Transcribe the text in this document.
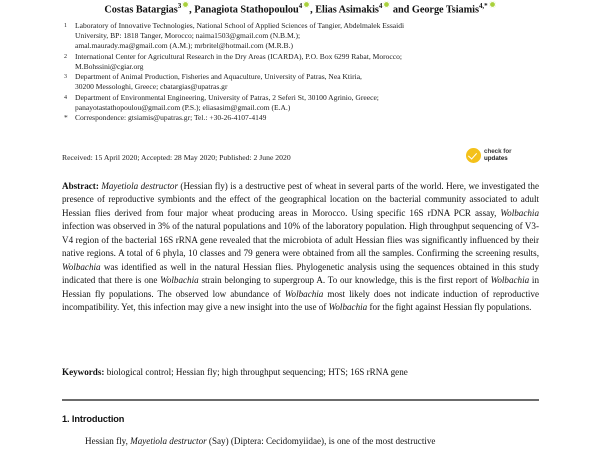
Costas Batargias$^3$ , Panagiota Stathopoulou$^4$ , Elias Asimakis$^4$ and George Tsiamis$^{4,*}$
1	Laboratory of Innovative Technologies, National School of Applied Sciences of Tangier, Abdelmalek Essaidi
University, BP: 1818 Tanger, Morocco; naima1503@gmail.com (N.B.M.);
amal.maurady.ma@gmail.com (A.M.); mrbritel@hotmail.com (M.R.B.)
2	International Center for Agricultural Research in the Dry Areas (ICARDA), P.O. Box 6299 Rabat, Morocco;
M.Bohssini@cgiar.org
3	Department of Animal Production, Fisheries and Aquaculture, University of Patras, Nea Ktiria,
30200 Messologhi, Greece; cbatargias@upatras.gr
4	Department of Environmental Engineering, University of Patras, 2 Seferi St, 30100 Agrinio, Greece;
panayotastathopoulou@gmail.com (P.S.); eliasasim@gmail.com (E.A.)
* Correspondence: gtsiamis@upatras.gr; Tel.: +30-26-4107-4149
Received: 15 April 2020; Accepted: 28 May 2020; Published: 2 June 2020
check for
updates
Abstract: Mayetiola destructor (Hessian fly) is a destructive pest of wheat in several parts of the world. Here, we investigated the presence of reproductive symbionts and the effect of the geographical location on the bacterial community associated to adult Hessian flies derived from four major wheat producing areas in Morocco. Using specific 16S rDNA PCR assay, Wolbachia infection was observed in 3% of the natural populations and 10% of the laboratory population. High throughput sequencing of V3-V4 region of the bacterial 16S rRNA gene revealed that the microbiota of adult Hessian flies was significantly influenced by their native regions. A total of 6 phyla, 10 classes and 79 genera were obtained from all the samples. Confirming the screening results, Wolbachia was identified as well in the natural Hessian flies. Phylogenetic analysis using the sequences obtained in this study indicated that there is one Wolbachia strain belonging to supergroup A. To our knowledge, this is the first report of Wolbachia in Hessian fly populations. The observed low abundance of Wolbachia most likely does not indicate induction of reproductive incompatibility. Yet, this infection may give a new insight into the use of Wolbachia for the fight against Hessian fly populations.
Keywords: biological control; Hessian fly; high throughput sequencing; HTS; 16S rRNA gene
1. Introduction
Hessian fly, Mayetiola destructor (Say) (Diptera: Cecidomyiidae), is one of the most destructive
